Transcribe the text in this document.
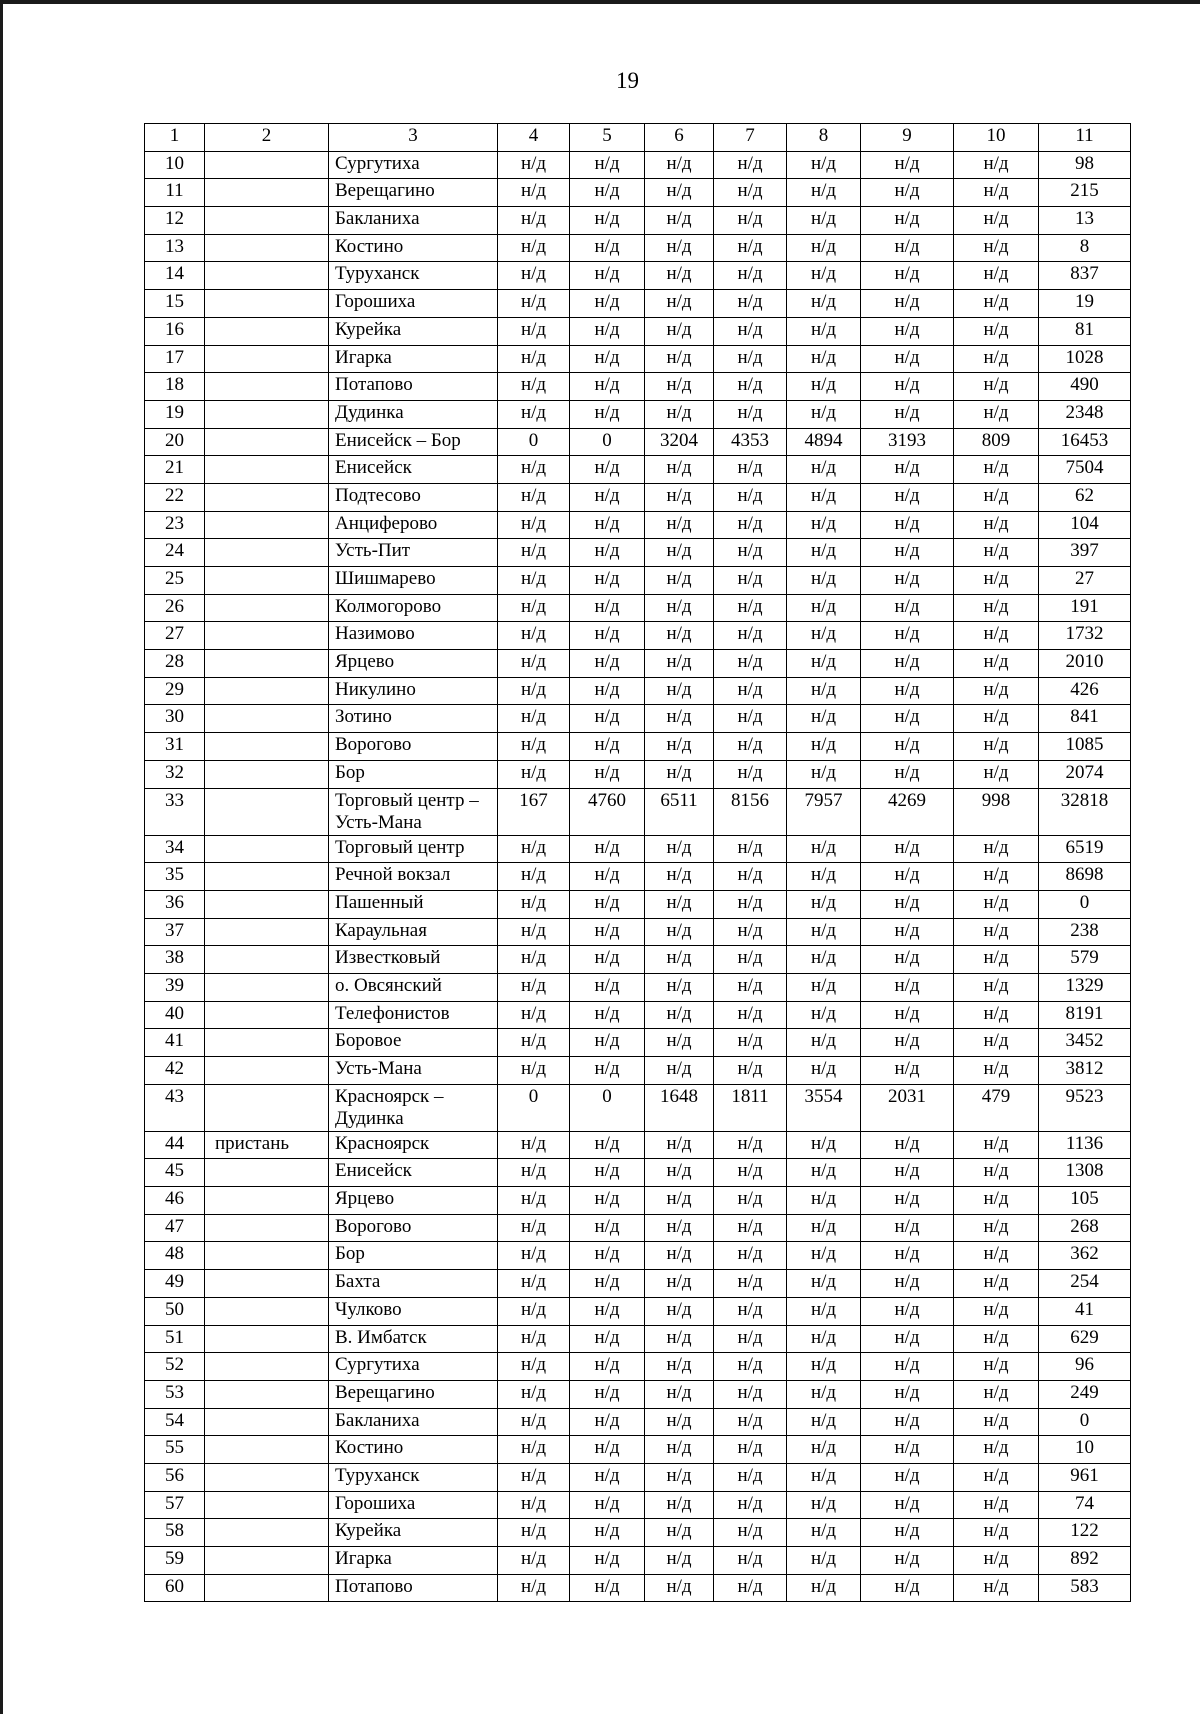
19
1	2	3	4	5	6	7	8	9	10	11
10		Сургутиха	н/д	н/д	н/д	н/д	н/д	н/д	н/д	98
11		Верещагино	н/д	н/д	н/д	н/д	н/д	н/д	н/д	215
12		Бакланиха	н/д	н/д	н/д	н/д	н/д	н/д	н/д	13
13		Костино	н/д	н/д	н/д	н/д	н/д	н/д	н/д	8
14		Туруханск	н/д	н/д	н/д	н/д	н/д	н/д	н/д	837
15		Горошиха	н/д	н/д	н/д	н/д	н/д	н/д	н/д	19
16		Курейка	н/д	н/д	н/д	н/д	н/д	н/д	н/д	81
17		Игарка	н/д	н/д	н/д	н/д	н/д	н/д	н/д	1028
18		Потапово	н/д	н/д	н/д	н/д	н/д	н/д	н/д	490
19		Дудинка	н/д	н/д	н/д	н/д	н/д	н/д	н/д	2348
20		Енисейск – Бор	0	0	3204	4353	4894	3193	809	16453
21		Енисейск	н/д	н/д	н/д	н/д	н/д	н/д	н/д	7504
22		Подтесово	н/д	н/д	н/д	н/д	н/д	н/д	н/д	62
23		Анциферово	н/д	н/д	н/д	н/д	н/д	н/д	н/д	104
24		Усть-Пит	н/д	н/д	н/д	н/д	н/д	н/д	н/д	397
25		Шишмарево	н/д	н/д	н/д	н/д	н/д	н/д	н/д	27
26		Колмогорово	н/д	н/д	н/д	н/д	н/д	н/д	н/д	191
27		Назимово	н/д	н/д	н/д	н/д	н/д	н/д	н/д	1732
28		Ярцево	н/д	н/д	н/д	н/д	н/д	н/д	н/д	2010
29		Никулино	н/д	н/д	н/д	н/д	н/д	н/д	н/д	426
30		Зотино	н/д	н/д	н/д	н/д	н/д	н/д	н/д	841
31		Ворогово	н/д	н/д	н/д	н/д	н/д	н/д	н/д	1085
32		Бор	н/д	н/д	н/д	н/д	н/д	н/д	н/д	2074
33		Торговый центр – Усть-Мана	167	4760	6511	8156	7957	4269	998	32818
34		Торговый центр	н/д	н/д	н/д	н/д	н/д	н/д	н/д	6519
35		Речной вокзал	н/д	н/д	н/д	н/д	н/д	н/д	н/д	8698
36		Пашенный	н/д	н/д	н/д	н/д	н/д	н/д	н/д	0
37		Караульная	н/д	н/д	н/д	н/д	н/д	н/д	н/д	238
38		Известковый	н/д	н/д	н/д	н/д	н/д	н/д	н/д	579
39		о. Овсянский	н/д	н/д	н/д	н/д	н/д	н/д	н/д	1329
40		Телефонистов	н/д	н/д	н/д	н/д	н/д	н/д	н/д	8191
41		Боровое	н/д	н/д	н/д	н/д	н/д	н/д	н/д	3452
42		Усть-Мана	н/д	н/д	н/д	н/д	н/д	н/д	н/д	3812
43		Красноярск – Дудинка	0	0	1648	1811	3554	2031	479	9523
44	пристань	Красноярск	н/д	н/д	н/д	н/д	н/д	н/д	н/д	1136
45		Енисейск	н/д	н/д	н/д	н/д	н/д	н/д	н/д	1308
46		Ярцево	н/д	н/д	н/д	н/д	н/д	н/д	н/д	105
47		Ворогово	н/д	н/д	н/д	н/д	н/д	н/д	н/д	268
48		Бор	н/д	н/д	н/д	н/д	н/д	н/д	н/д	362
49		Бахта	н/д	н/д	н/д	н/д	н/д	н/д	н/д	254
50		Чулково	н/д	н/д	н/д	н/д	н/д	н/д	н/д	41
51		В. Имбатск	н/д	н/д	н/д	н/д	н/д	н/д	н/д	629
52		Сургутиха	н/д	н/д	н/д	н/д	н/д	н/д	н/д	96
53		Верещагино	н/д	н/д	н/д	н/д	н/д	н/д	н/д	249
54		Бакланиха	н/д	н/д	н/д	н/д	н/д	н/д	н/д	0
55		Костино	н/д	н/д	н/д	н/д	н/д	н/д	н/д	10
56		Туруханск	н/д	н/д	н/д	н/д	н/д	н/д	н/д	961
57		Горошиха	н/д	н/д	н/д	н/д	н/д	н/д	н/д	74
58		Курейка	н/д	н/д	н/д	н/д	н/д	н/д	н/д	122
59		Игарка	н/д	н/д	н/д	н/д	н/д	н/д	н/д	892
60		Потапово	н/д	н/д	н/д	н/д	н/д	н/д	н/д	583
